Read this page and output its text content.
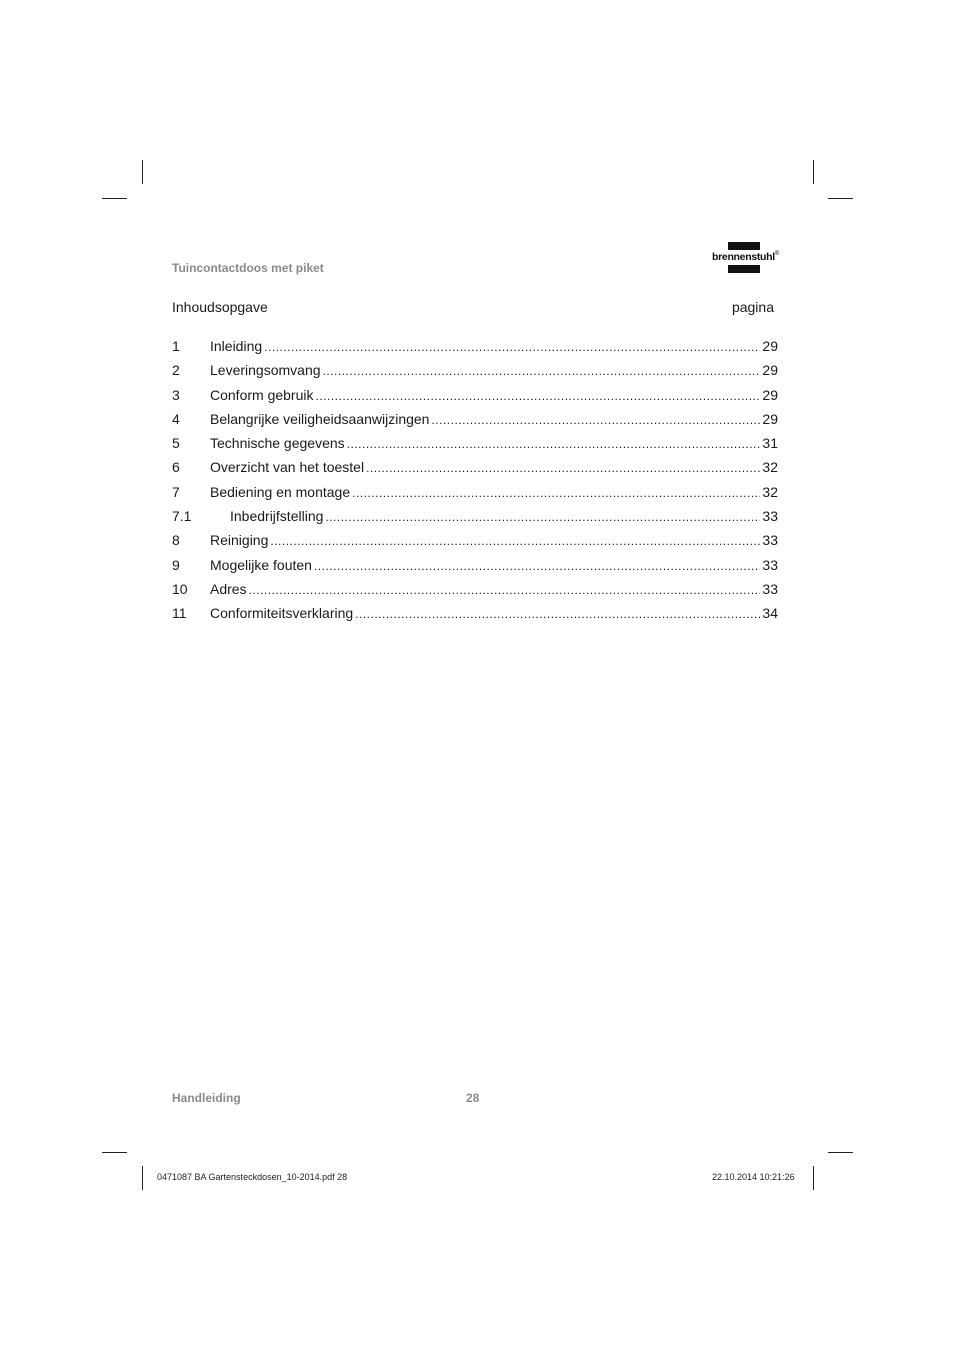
Tuincontactdoos met piket
brennenstuhl®
Inhoudsopgave	pagina
1	Inleiding .....	29
2	Leveringsomvang .....	29
3	Conform gebruik .....	29
4	Belangrijke veiligheidsaanwijzingen .....	29
5	Technische gegevens .....	31
6	Overzicht van het toestel .....	32
7	Bediening en montage .....	32
7.1	Inbedrijfstelling .....	33
8	Reiniging .....	33
9	Mogelijke fouten .....	33
10	Adres .....	33
11	Conformiteitsverklaring .....	34
Handleiding	28
0471087 BA Gartensteckdosen_10-2014.pdf 28	22.10.2014 10:21:26
